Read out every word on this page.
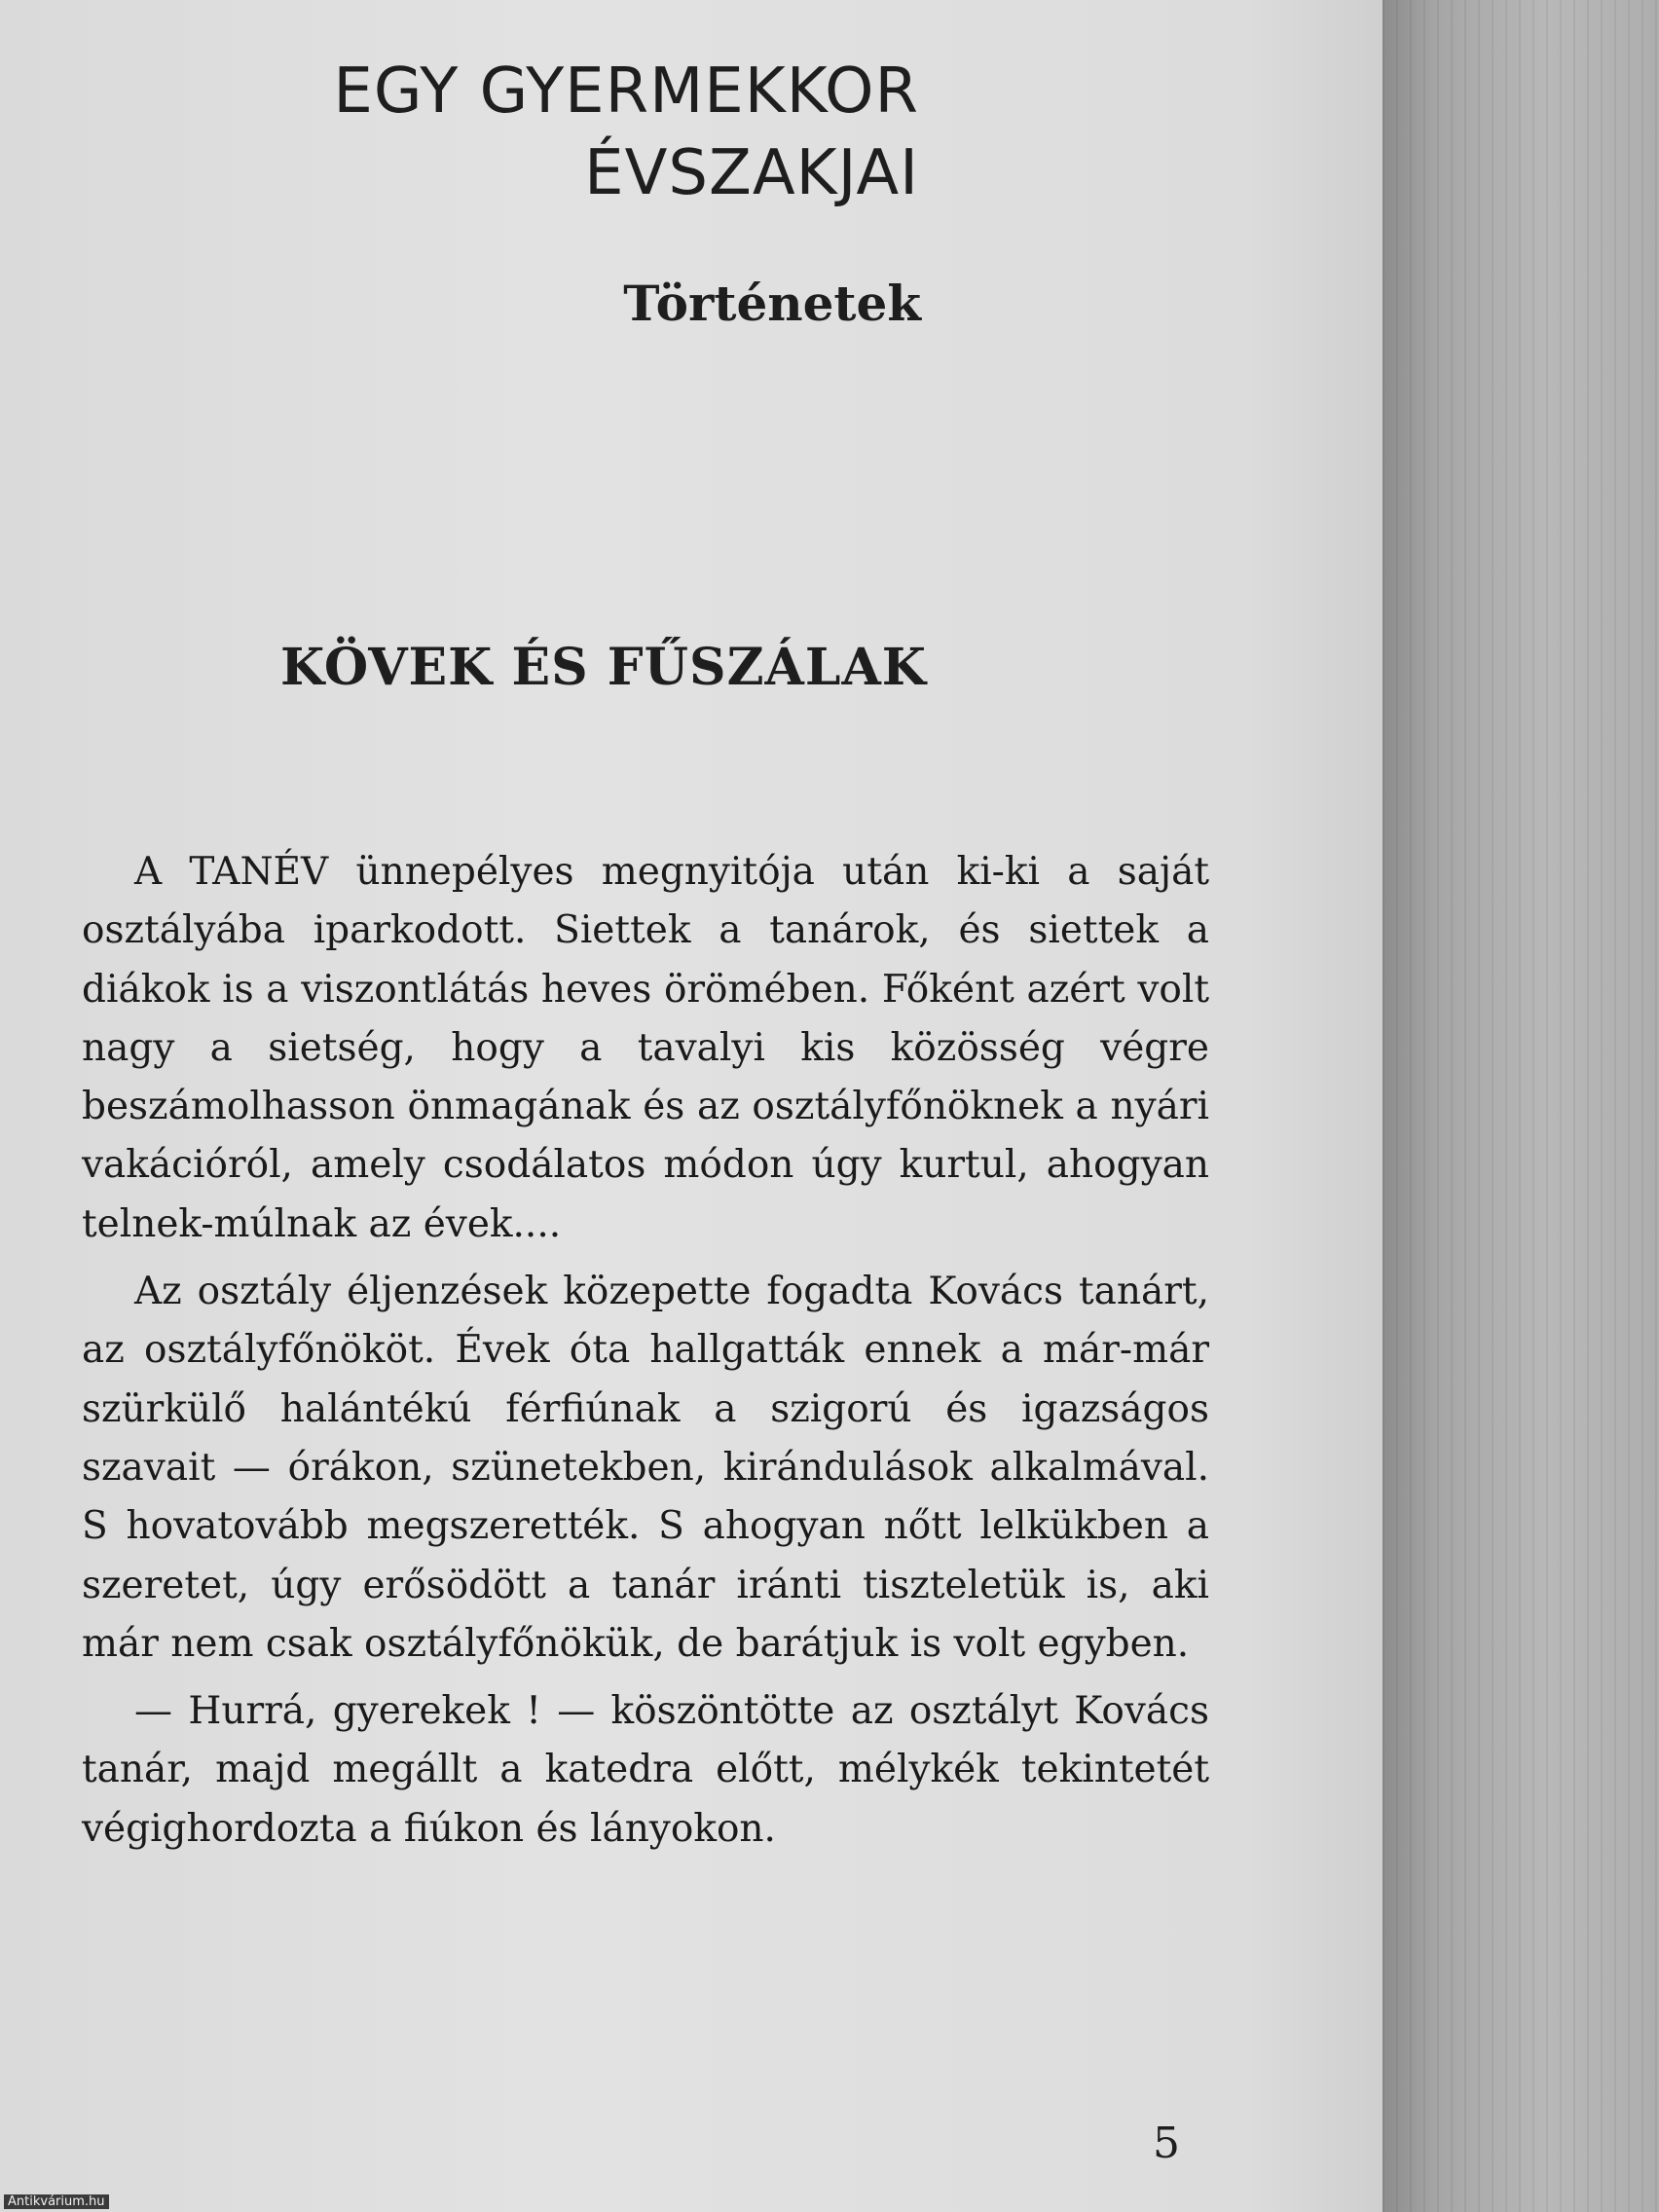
EGY GYERMEKKOR
ÉVSZAKJAI
Történetek
KÖVEK ÉS FŰSZÁLAK

A TANÉV ünnepélyes megnyitója után ki-ki a saját osztályába iparkodott. Siettek a tanárok, és siettek a diákok is a viszontlátás heves örömében. Főként azért volt nagy a sietség, hogy a tavalyi kis közösség végre beszámolhasson önmagának és az osztályfőnöknek a nyári vakációról, amely csodálatos módon úgy kurtul, ahogyan telnek-múlnak az évek....

Az osztály éljenzések közepette fogadta Kovács tanárt, az osztályfőnököt. Évek óta hallgatták ennek a már-már szürkülő halántékú férfiúnak a szigorú és igazságos szavait — órákon, szünetekben, kirándulások alkalmával. S hovatovább megszerették. S ahogyan nőtt lelkükben a szeretet, úgy erősödött a tanár iránti tiszteletük is, aki már nem csak osztályfőnökük, de barátjuk is volt egyben.

— Hurrá, gyerekek ! — köszöntötte az osztályt Kovács tanár, majd megállt a katedra előtt, mélykék tekintetét végighordozta a fiúkon és lányokon.

5
Antikvárium.hu
